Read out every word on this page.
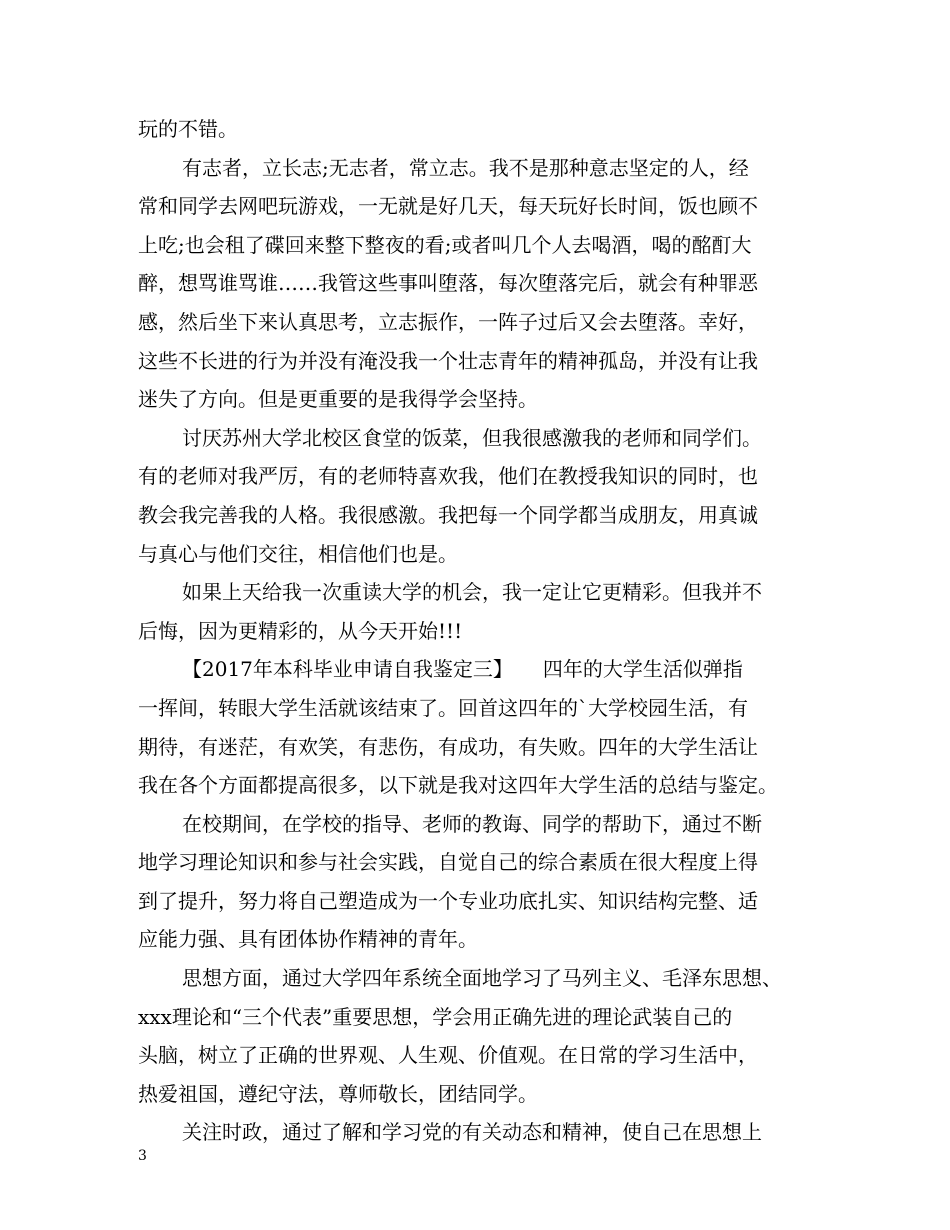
玩的不错。
有志者，立长志;无志者，常立志。我不是那种意志坚定的人，经
常和同学去网吧玩游戏，一无就是好几天，每天玩好长时间，饭也顾不
上吃;也会租了碟回来整下整夜的看;或者叫几个人去喝酒，喝的酩酊大
醉，想骂谁骂谁……我管这些事叫堕落，每次堕落完后，就会有种罪恶
感，然后坐下来认真思考，立志振作，一阵子过后又会去堕落。幸好，
这些不长进的行为并没有淹没我一个壮志青年的精神孤岛，并没有让我
迷失了方向。但是更重要的是我得学会坚持。
讨厌苏州大学北校区食堂的饭菜，但我很感激我的老师和同学们。
有的老师对我严厉，有的老师特喜欢我，他们在教授我知识的同时，也
教会我完善我的人格。我很感激。我把每一个同学都当成朋友，用真诚
与真心与他们交往，相信他们也是。
如果上天给我一次重读大学的机会，我一定让它更精彩。但我并不
后悔，因为更精彩的，从今天开始!!!
【2017年本科毕业申请自我鉴定三】　　四年的大学生活似弹指
一挥间，转眼大学生活就该结束了。回首这四年的`大学校园生活，有
期待，有迷茫，有欢笑，有悲伤，有成功，有失败。四年的大学生活让
我在各个方面都提高很多，以下就是我对这四年大学生活的总结与鉴定。
在校期间，在学校的指导、老师的教诲、同学的帮助下，通过不断
地学习理论知识和参与社会实践，自觉自己的综合素质在很大程度上得
到了提升，努力将自己塑造成为一个专业功底扎实、知识结构完整、适
应能力强、具有团体协作精神的青年。
思想方面，通过大学四年系统全面地学习了马列主义、毛泽东思想、
xxx理论和“三个代表”重要思想，学会用正确先进的理论武装自己的
头脑，树立了正确的世界观、人生观、价值观。在日常的学习生活中，
热爱祖国，遵纪守法，尊师敬长，团结同学。
关注时政，通过了解和学习党的有关动态和精神，使自己在思想上
3
